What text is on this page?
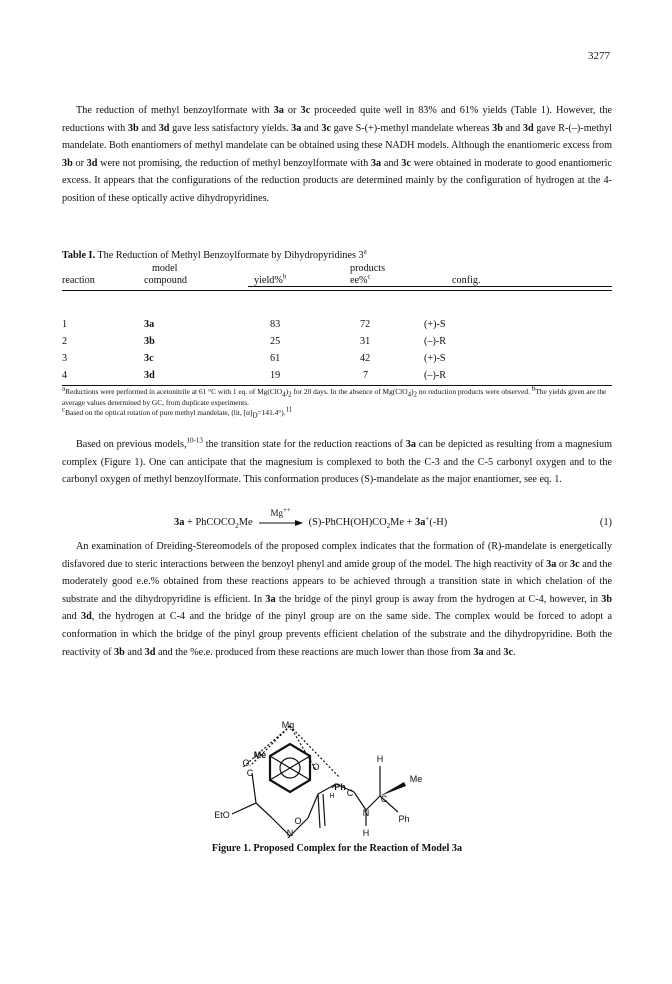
3277

The reduction of methyl benzoylformate with 3a or 3c proceeded quite well in 83% and 61% yields (Table 1). However, the reductions with 3b and 3d gave less satisfactory yields. 3a and 3c gave S-(+)-methyl mandelate whereas 3b and 3d gave R-(–)-methyl mandelate. Both enantiomers of methyl mandelate can be obtained using these NADH models. Although the enantiomeric excess from 3b or 3d were not promising, the reduction of methyl benzoylformate with 3a and 3c were obtained in moderate to good enantiomeric excess. It appears that the configurations of the reduction products are determined mainly by the configuration of hydrogen at the 4-position of these optically active dihydropyridines.

Table I. The Reduction of Methyl Benzoylformate by Dihydropyridines 3$^a$
model	products
reaction	compound	yield%$^b$	ee%$^c$	config.
1	3a	83	72	(+)-S
2	3b	25	31	(–)-R
3	3c	61	42	(+)-S
4	3d	19	7	(–)-R
$^a$Reductions were performed in acetonitrile at 61 °C with 1 eq. of $Mg(ClO_4)_2$ for 20 days. In the absence of $Mg(ClO_4)_2$ no reduction products were observed. $^b$The yields given are the average values determined by GC, from duplicate experiments.
$^c$Based on the optical rotation of pure methyl mandelate, (lit, $[\alpha]_D=141.4^\circ).^{11}$

Based on previous models,$^{10-13}$ the transition state for the reduction reactions of 3a can be depicted as resulting from a magnesium complex (Figure 1). One can anticipate that the magnesium is complexed to both the C-3 and the C-5 carbonyl oxygen and to the carbonyl oxygen of methyl benzoylformate. This conformation produces (S)-mandelate as the major enantiomer, see eq. 1.

3a + PhCOCO$_2$Me
Mg++
$(S)-PhCH(OH)CO_2Me + 3a^+(-H)$	(1)

An examination of Dreiding-Stereomodels of the proposed complex indicates that the formation of (R)-mandelate is energetically disfavored due to steric interactions between the benzoyl phenyl and amide group of the model. The high reactivity of 3a or 3c and the moderately good e.e.% obtained from these reactions appears to be achieved through a transition state in which chelation of the substrate and the dihydropyridine is efficient. In 3a the bridge of the pinyl group is away from the hydrogen at C-4, however, in 3b and 3d, the hydrogen at C-4 and the bridge of the pinyl group are on the same side. The complex would be forced to adopt a conformation in which the bridge of the pinyl group prevents efficient chelation of the substrate and the dihydropyridine. Both the reactivity of 3b and 3d and the %e.e. produced from these reactions are much lower than those from 3a and 3c.

Mg
Me
C
O	O
O
H C
Ph
H
Me
C
N
Ph
EtO
N	H
Figure 1. Proposed Complex for the Reaction of Model 3a
